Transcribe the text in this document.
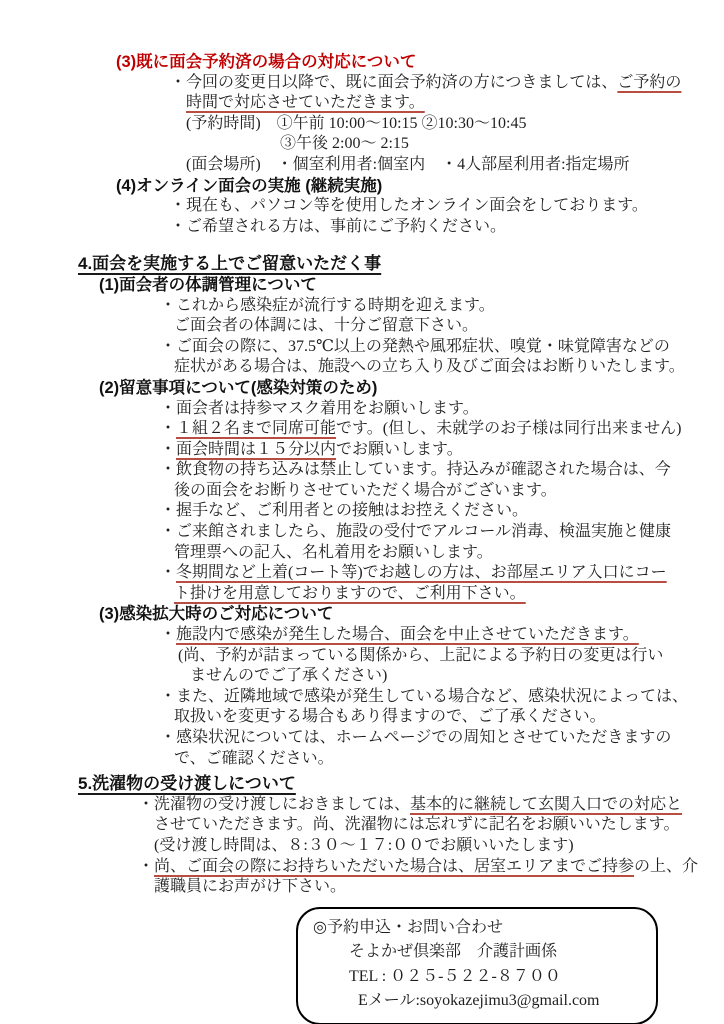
(3)既に面会予約済の場合の対応について
・今回の変更日以降で、既に面会予約済の方につきましては、ご予約の
時間で対応させていただきます。
(予約時間)　①午前 10:00～10:15 ②10:30～10:45
③午後 2:00～ 2:15
(面会場所)　・個室利用者:個室内　・4人部屋利用者:指定場所
(4)オンライン面会の実施 (継続実施)
・現在も、パソコン等を使用したオンライン面会をしております。
・ご希望される方は、事前にご予約ください。
4.面会を実施する上でご留意いただく事
(1)面会者の体調管理について
・これから感染症が流行する時期を迎えます。
ご面会者の体調には、十分ご留意下さい。
・ご面会の際に、37.5℃以上の発熱や風邪症状、嗅覚・味覚障害などの
症状がある場合は、施設への立ち入り及びご面会はお断りいたします。
(2)留意事項について(感染対策のため)
・面会者は持参マスク着用をお願いします。
・１組２名まで同席可能です。(但し、未就学のお子様は同行出来ません)
・面会時間は１５分以内でお願いします。
・飲食物の持ち込みは禁止しています。持込みが確認された場合は、今
後の面会をお断りさせていただく場合がございます。
・握手など、ご利用者との接触はお控えください。
・ご来館されましたら、施設の受付でアルコール消毒、検温実施と健康
管理票への記入、名札着用をお願いします。
・冬期間など上着(コート等)でお越しの方は、お部屋エリア入口にコー
ト掛けを用意しておりますので、ご利用下さい。
(3)感染拡大時のご対応について
・施設内で感染が発生した場合、面会を中止させていただきます。
(尚、予約が詰まっている関係から、上記による予約日の変更は行い
ませんのでご了承ください)
・また、近隣地域で感染が発生している場合など、感染状況によっては、
取扱いを変更する場合もあり得ますので、ご了承ください。
・感染状況については、ホームページでの周知とさせていただきますの
で、ご確認ください。
5.洗濯物の受け渡しについて
・洗濯物の受け渡しにおきましては、基本的に継続して玄関入口での対応と
させていただきます。尚、洗濯物には忘れずに記名をお願いいたします。
(受け渡し時間は、８:３０～１７:００でお願いいたします)
・尚、ご面会の際にお持ちいただいた場合は、居室エリアまでご持参の上、介
護職員にお声がけ下さい。
◎予約申込・お問い合わせ
そよかぜ倶楽部　介護計画係
TEL : ０２５-５２２-８７００
Eメール:soyokazejimu3@gmail.com
